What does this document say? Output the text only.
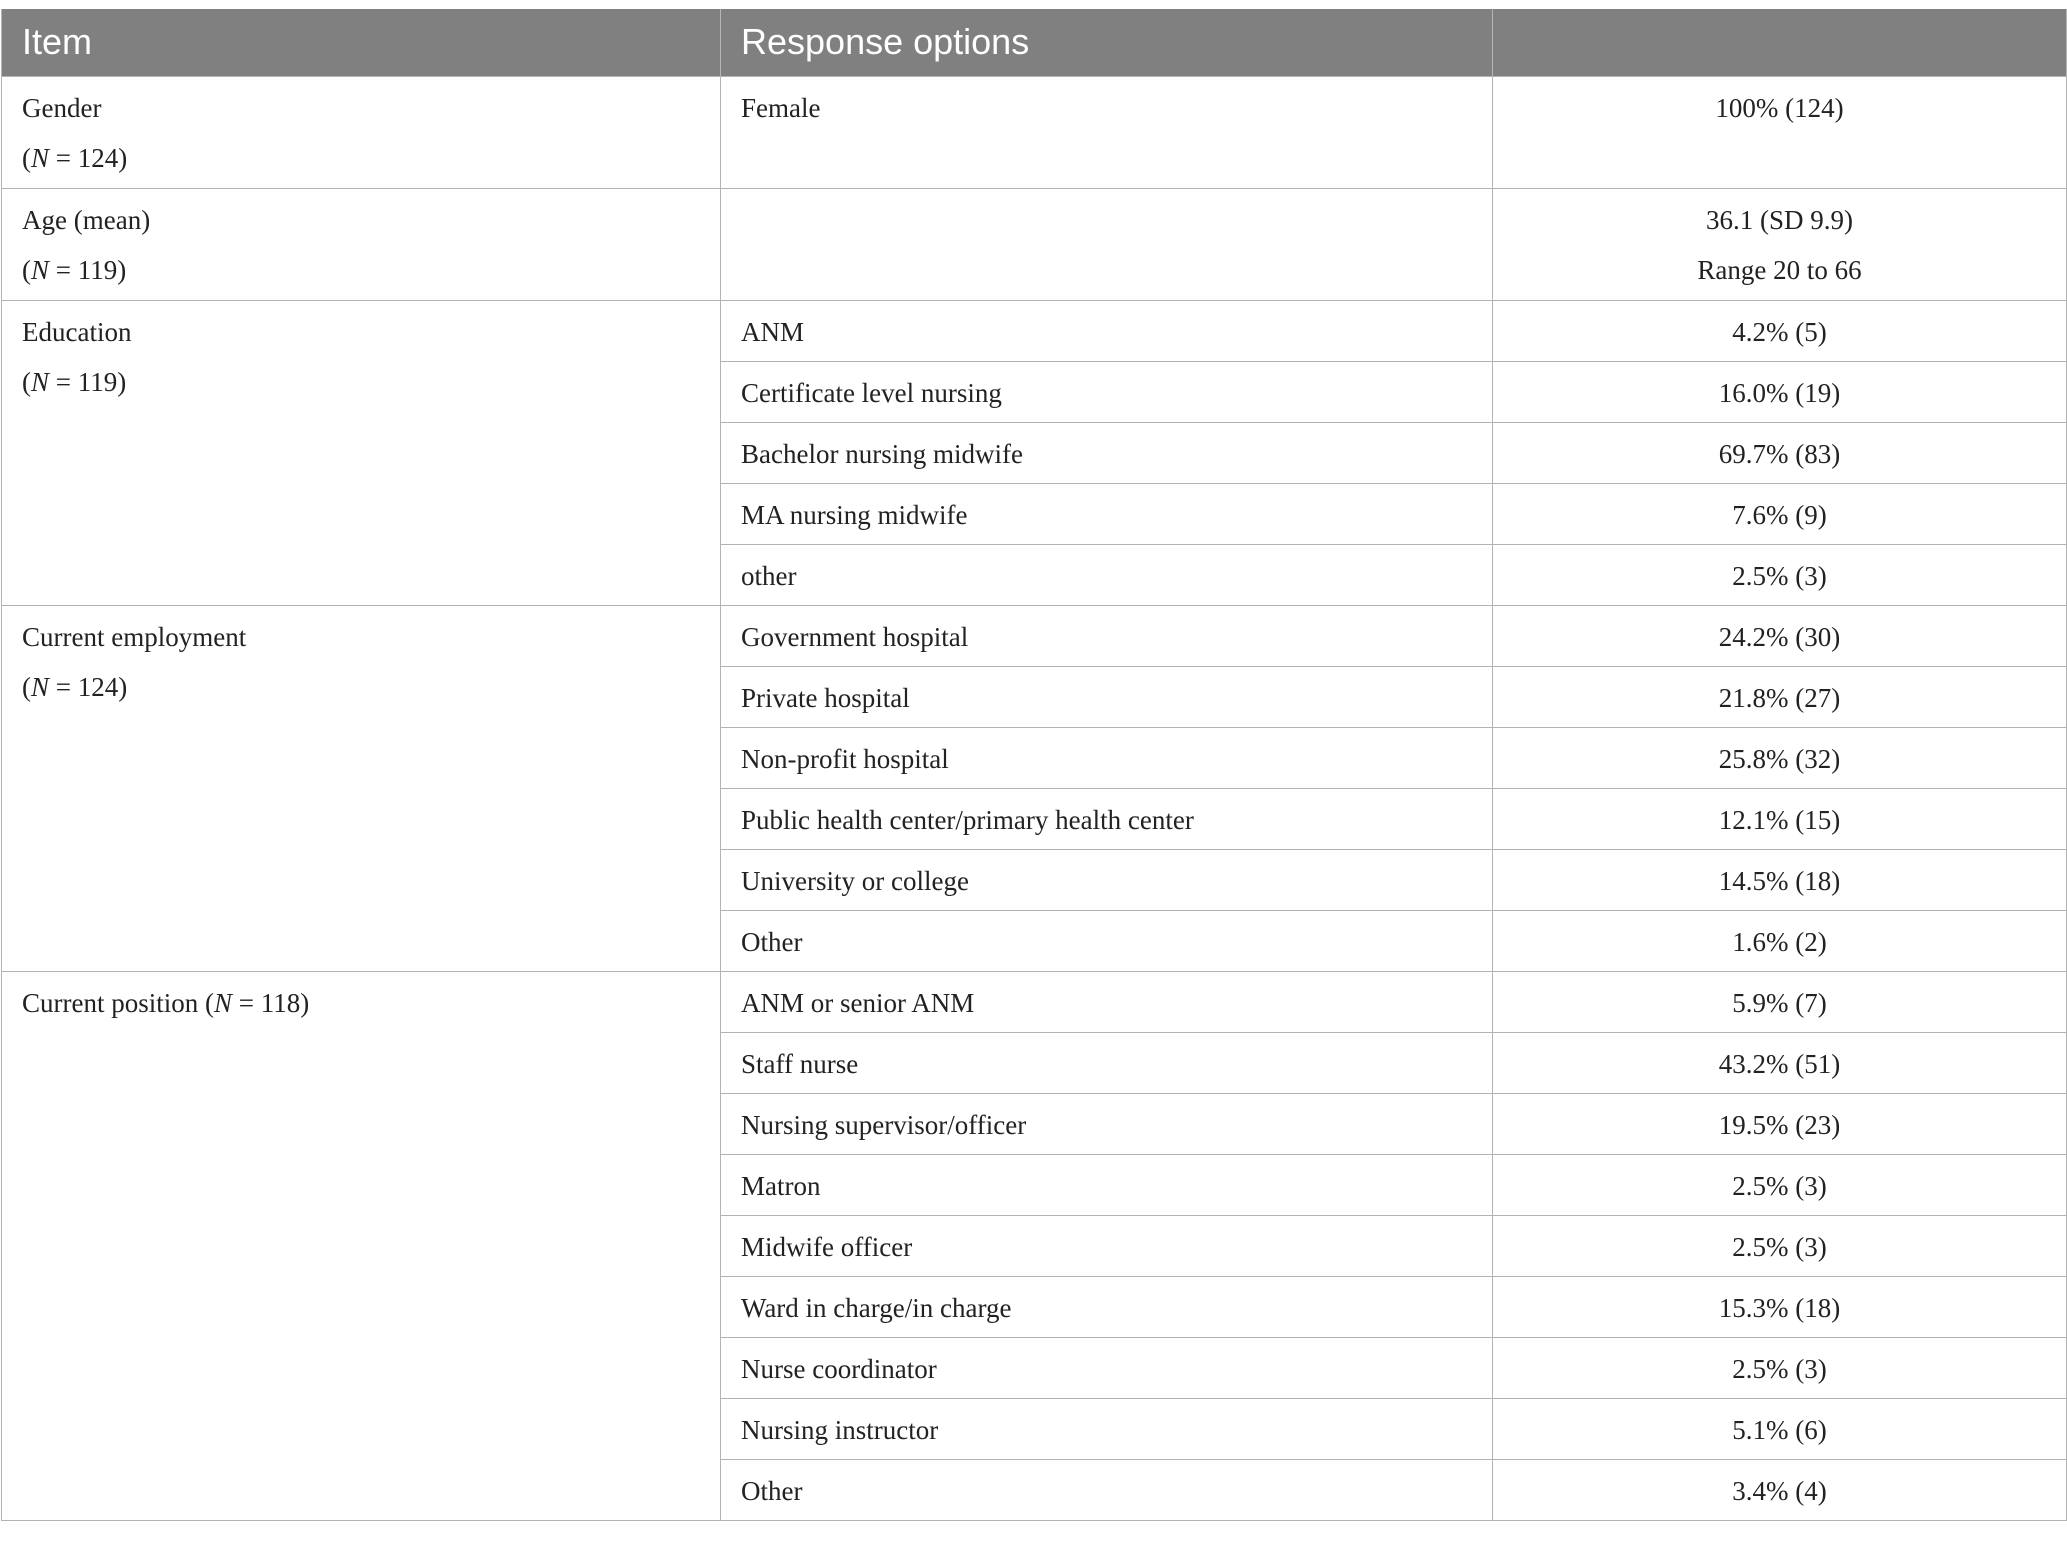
Item	Response options	

Gender
(N = 124)	Female	100% (124)

Age (mean)
(N = 119)		36.1 (SD 9.9)
Range 20 to 66

Education
(N = 119)	ANM	4.2% (5)
	Certificate level nursing	16.0% (19)
	Bachelor nursing midwife	69.7% (83)
	MA nursing midwife	7.6% (9)
	other	2.5% (3)

Current employment
(N = 124)	Government hospital	24.2% (30)
	Private hospital	21.8% (27)
	Non-profit hospital	25.8% (32)
	Public health center/primary health center	12.1% (15)
	University or college	14.5% (18)
	Other	1.6% (2)

Current position (N = 118)	ANM or senior ANM	5.9% (7)
	Staff nurse	43.2% (51)
	Nursing supervisor/officer	19.5% (23)
	Matron	2.5% (3)
	Midwife officer	2.5% (3)
	Ward in charge/in charge	15.3% (18)
	Nurse coordinator	2.5% (3)
	Nursing instructor	5.1% (6)
	Other	3.4% (4)
